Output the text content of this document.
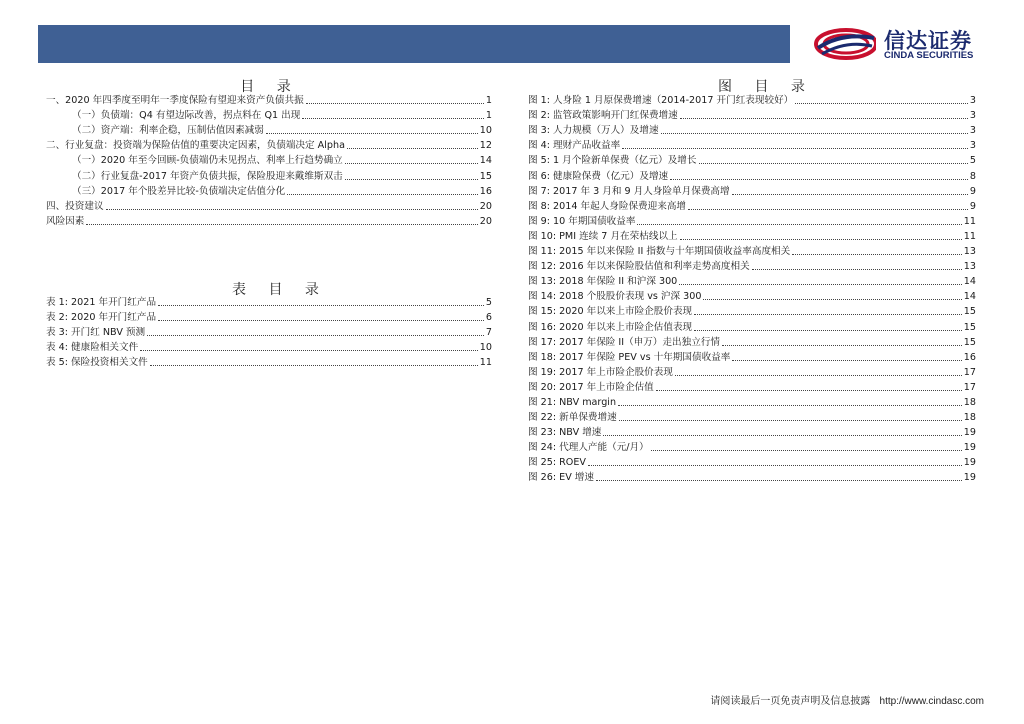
信达证券
CINDA SECURITIES
目 录
一、2020 年四季度至明年一季度保险有望迎来资产负债共振	1
（一）负债端：Q4 有望边际改善，拐点料在 Q1 出现	1
（二）资产端：利率企稳，压制估值因素减弱	10
二、行业复盘：投资端为保险估值的重要决定因素，负债端决定 Alpha	12
（一）2020 年至今回顾-负债端仍未见拐点、利率上行趋势确立	14
（二）行业复盘-2017 年资产负债共振，保险股迎来戴维斯双击	15
（三）2017 年个股差异比较-负债端决定估值分化	16
四、投资建议	20
风险因素	20
表 目 录
表 1: 2021 年开门红产品	5
表 2: 2020 年开门红产品	6
表 3: 开门红 NBV 预测	7
表 4: 健康险相关文件	10
表 5: 保险投资相关文件	11
图 目 录
图 1: 人身险 1 月原保费增速（2014-2017 开门红表现较好）	3
图 2: 监管政策影响开门红保费增速	3
图 3: 人力规模（万人）及增速	3
图 4: 理财产品收益率	3
图 5: 1 月个险新单保费（亿元）及增长	5
图 6: 健康险保费（亿元）及增速	8
图 7: 2017 年 3 月和 9 月人身险单月保费高增	9
图 8: 2014 年起人身险保费迎来高增	9
图 9: 10 年期国债收益率	11
图 10: PMI 连续 7 月在荣枯线以上	11
图 11: 2015 年以来保险 II 指数与十年期国债收益率高度相关	13
图 12: 2016 年以来保险股估值和利率走势高度相关	13
图 13: 2018 年保险 II 和沪深 300	14
图 14: 2018 个股股价表现 vs 沪深 300	14
图 15: 2020 年以来上市险企股价表现	15
图 16: 2020 年以来上市险企估值表现	15
图 17: 2017 年保险 II（申万）走出独立行情	15
图 18: 2017 年保险 PEV vs 十年期国债收益率	16
图 19: 2017 年上市险企股价表现	17
图 20: 2017 年上市险企估值	17
图 21: NBV margin	18
图 22: 新单保费增速	18
图 23: NBV 增速	19
图 24: 代理人产能（元/月）	19
图 25: ROEV	19
图 26: EV 增速	19
请阅读最后一页免责声明及信息披露 http://www.cindasc.com
